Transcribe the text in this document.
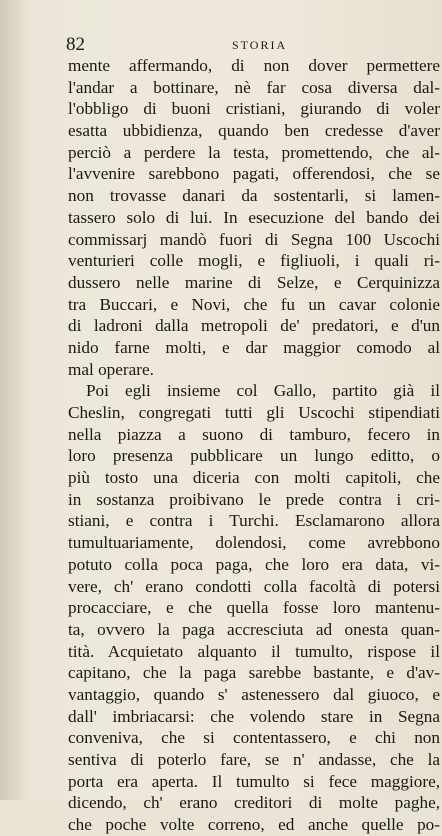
82	STORIA
mente affermando, di non dover permettere
l'andar a bottinare, nè far cosa diversa dal-
l'obbligo di buoni cristiani, giurando di voler
esatta ubbidienza, quando ben credesse d'aver
perciò a perdere la testa, promettendo, che al-
l'avvenire sarebbono pagati, offerendosi, che se
non trovasse danari da sostentarli, si lamen-
tassero solo di lui. In esecuzione del bando dei
commissarj mandò fuori di Segna 100 Uscochi
venturieri colle mogli, e figliuoli, i quali ri-
dussero nelle marine di Selze, e Cerquinizza
tra Buccari, e Novi, che fu un cavar colonie
di ladroni dalla metropoli de' predatori, e d'un
nido farne molti, e dar maggior comodo al
mal operare.
Poi egli insieme col Gallo, partito già il
Cheslin, congregati tutti gli Uscochi stipendiati
nella piazza a suono di tamburo, fecero in
loro presenza pubblicare un lungo editto, o
più tosto una diceria con molti capitoli, che
in sostanza proibivano le prede contra i cri-
stiani, e contra i Turchi. Esclamarono allora
tumultuariamente, dolendosi, come avrebbono
potuto colla poca paga, che loro era data, vi-
vere, ch' erano condotti colla facoltà di potersi
procacciare, e che quella fosse loro mantenu-
ta, ovvero la paga accresciuta ad onesta quan-
tità. Acquietato alquanto il tumulto, rispose il
capitano, che la paga sarebbe bastante, e d'av-
vantaggio, quando s' astenessero dal giuoco, e
dall' imbriacarsi: che volendo stare in Segna
conveniva, che si contentassero, e chi non
sentiva di poterlo fare, se n' andasse, che la
porta era aperta. Il tumulto si fece maggiore,
dicendo, ch' erano creditori di molte paghe,
che poche volte correno, ed anche quelle po-
